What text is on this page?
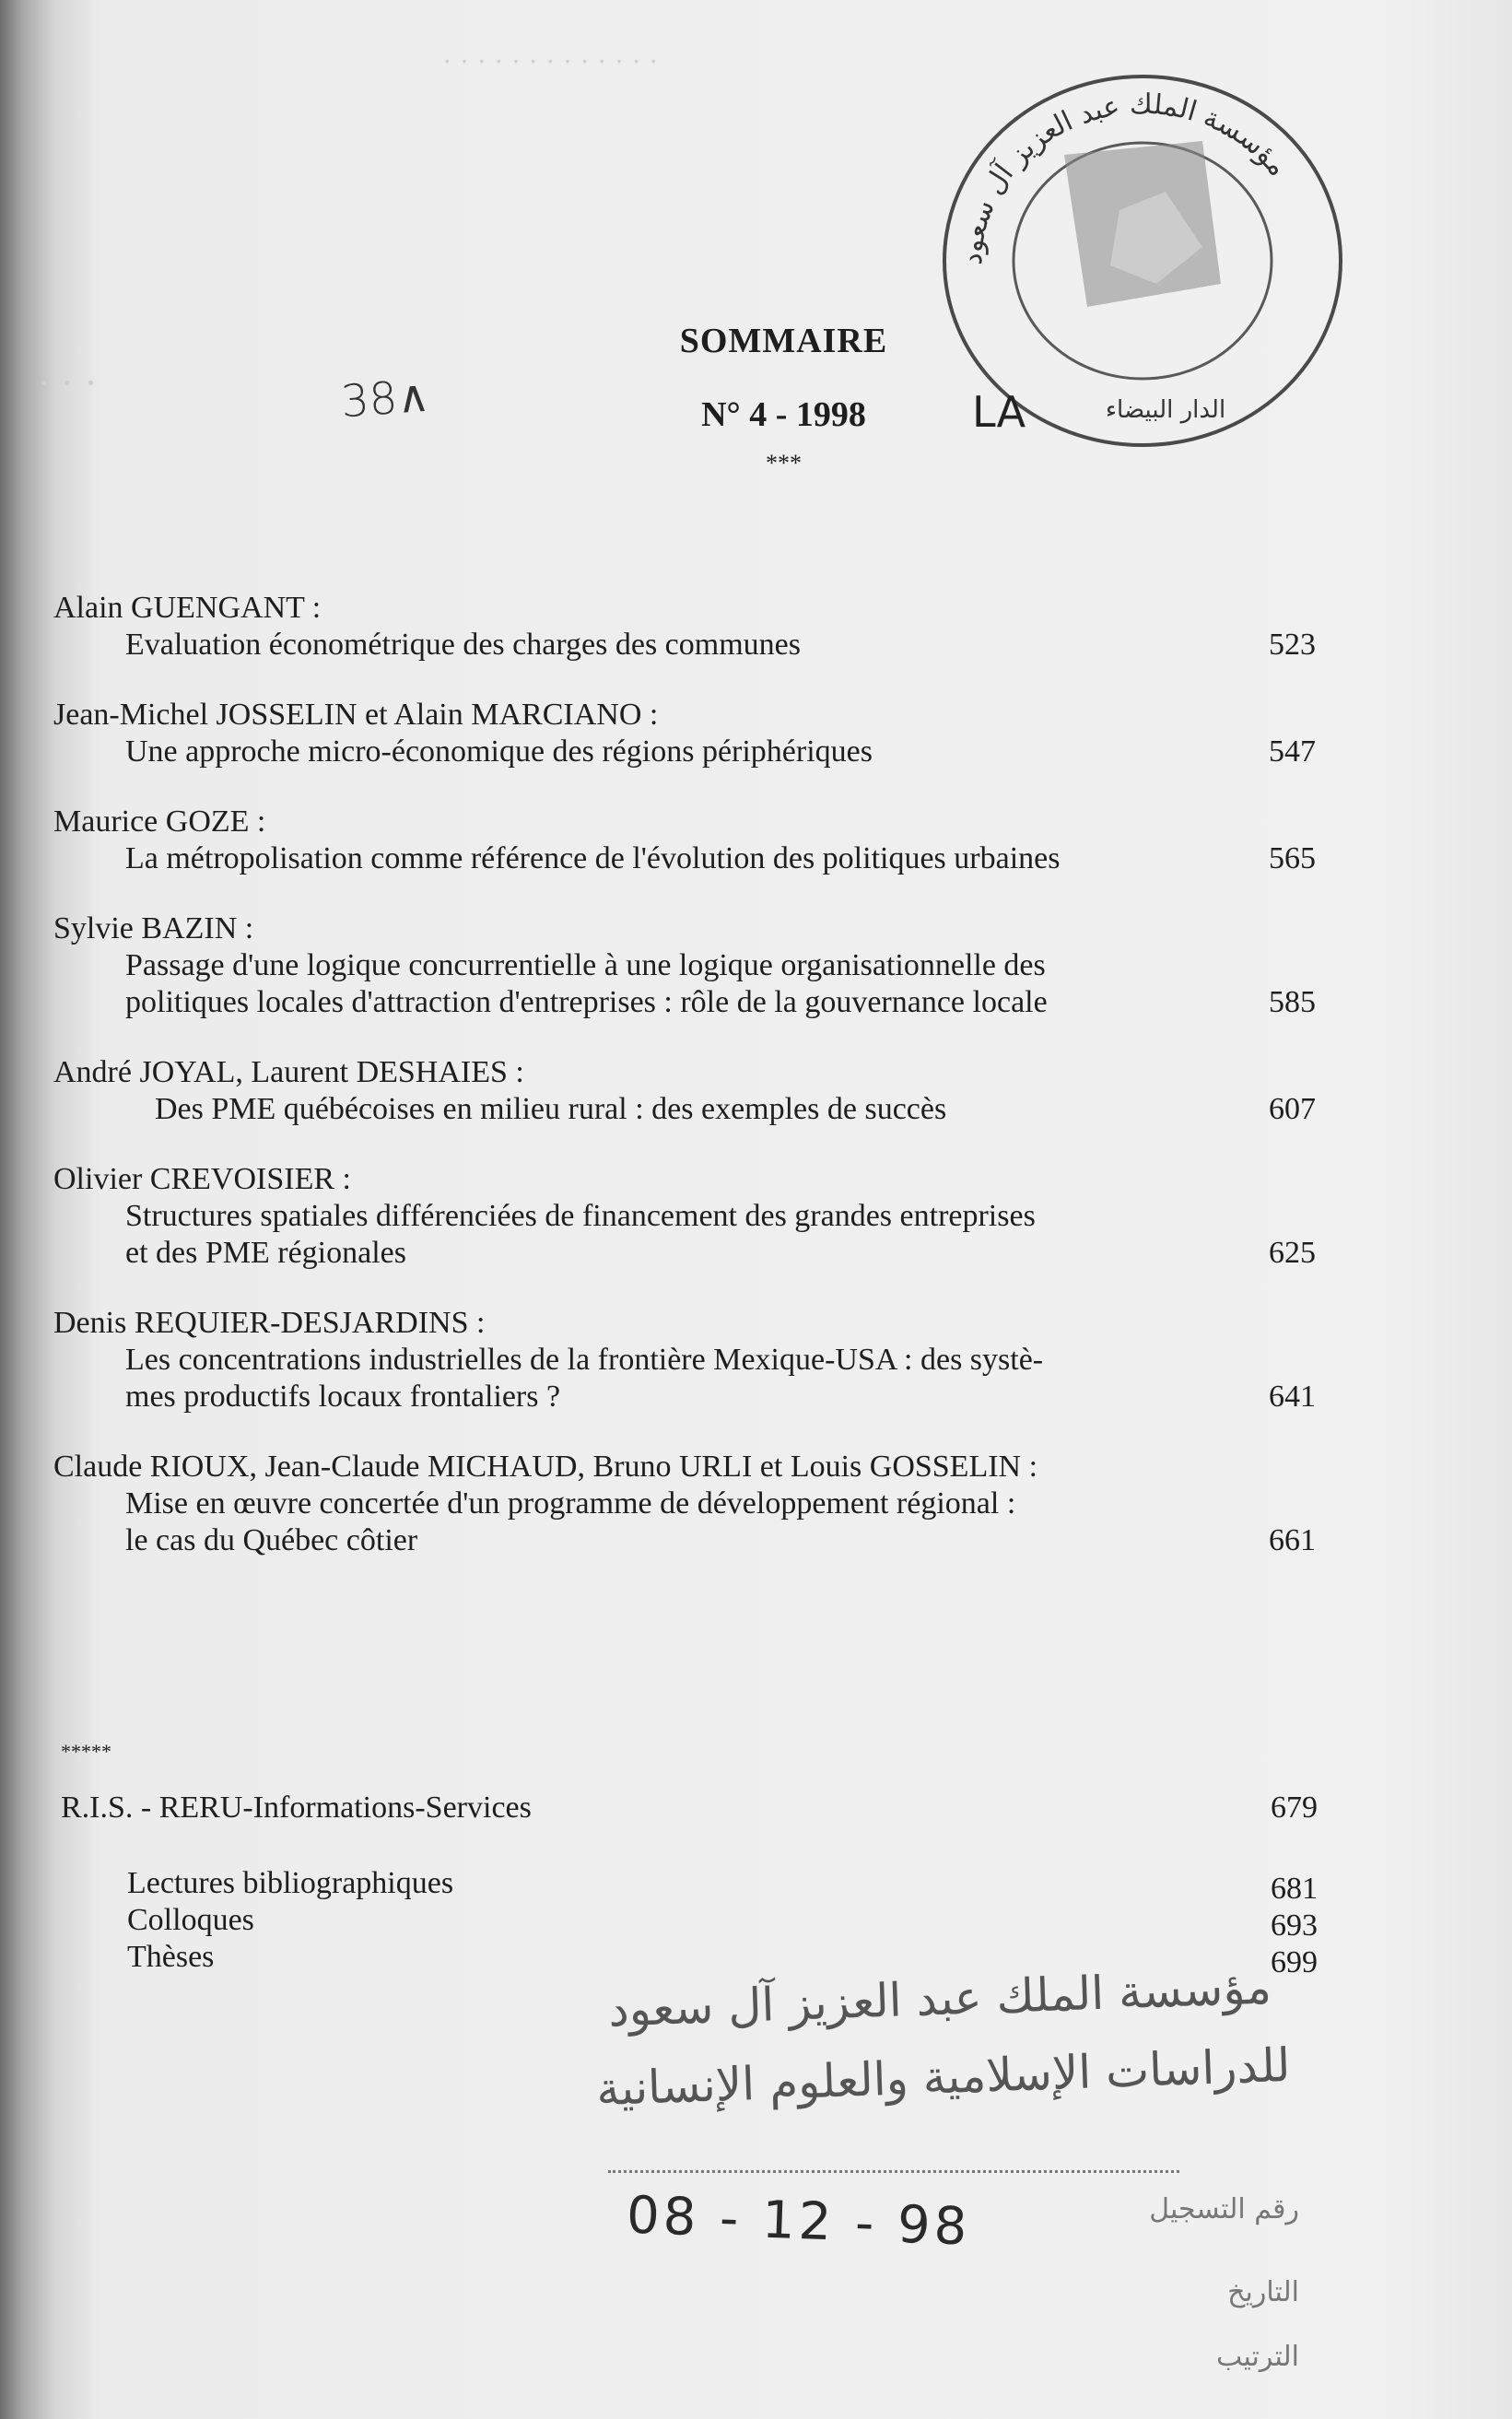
· · · · · · · · · · · · ·
· · ·
SOMMAIRE
N° 4 - 1998
***
38∧
مؤسسة الملك عبد العزيز آل سعود
الدار البيضاء
LA
Alain GUENGANT :
Evaluation économétrique des charges des communes	523
Jean-Michel JOSSELIN et Alain MARCIANO :
Une approche micro-économique des régions périphériques	547
Maurice GOZE :
La métropolisation comme référence de l'évolution des politiques urbaines	565
Sylvie BAZIN :
Passage d'une logique concurrentielle à une logique organisationnelle des
politiques locales d'attraction d'entreprises : rôle de la gouvernance locale	585
André JOYAL, Laurent DESHAIES :
Des PME québécoises en milieu rural : des exemples de succès	607
Olivier CREVOISIER :
Structures spatiales différenciées de financement des grandes entreprises
et des PME régionales	625
Denis REQUIER-DESJARDINS :
Les concentrations industrielles de la frontière Mexique-USA : des systè-
mes productifs locaux frontaliers ?	641
Claude RIOUX, Jean-Claude MICHAUD, Bruno URLI et Louis GOSSELIN :
Mise en œuvre concertée d'un programme de développement régional :
le cas du Québec côtier	661
*****
R.I.S. - RERU-Informations-Services	679
Lectures bibliographiques	681
Colloques	693
Thèses	699
مؤسسة الملك عبد العزيز آل سعود
للدراسات الإسلامية والعلوم الإنسانية
08 - 12 - 98	رقم التسجيل
التاريخ
الترتيب
